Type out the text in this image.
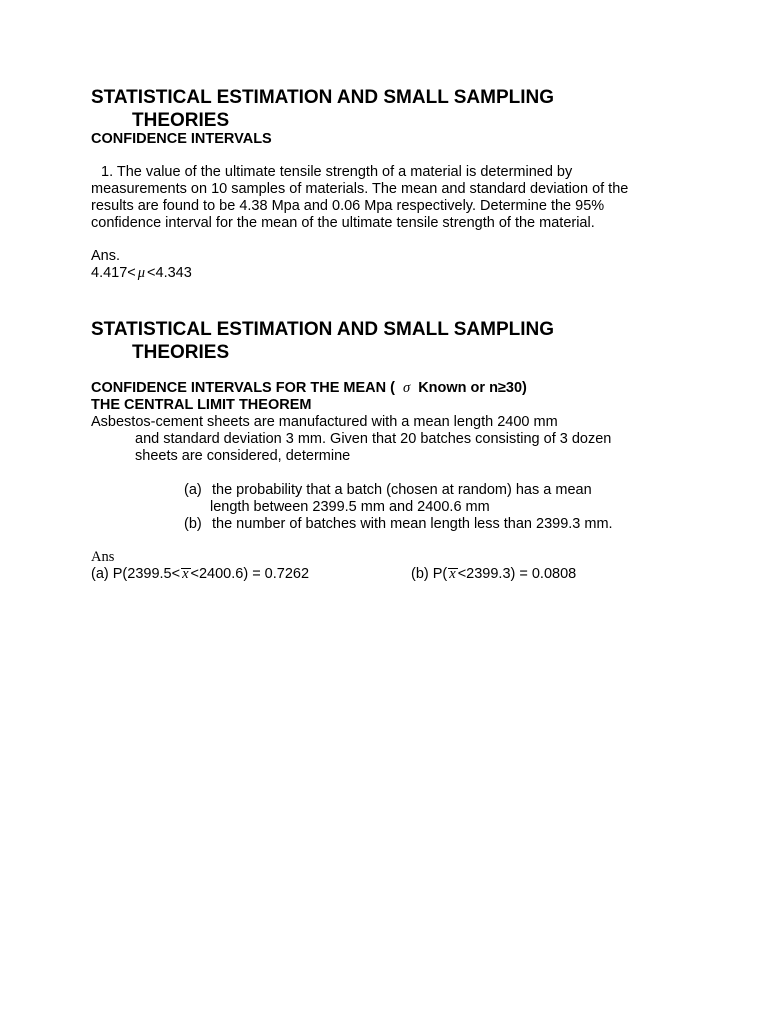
STATISTICAL ESTIMATION AND SMALL SAMPLING
THEORIES
CONFIDENCE INTERVALS
1. The value of the ultimate tensile strength of a material is determined by
measurements on 10 samples of materials. The mean and standard deviation of the
results are found to be 4.38 Mpa and 0.06 Mpa respectively. Determine the 95%
confidence interval for the mean of the ultimate tensile strength of the material.
Ans.
4.417< μ <4.343
STATISTICAL ESTIMATION AND SMALL SAMPLING
THEORIES
CONFIDENCE INTERVALS FOR THE MEAN ( σ Known or n≥30)
THE CENTRAL LIMIT THEOREM
Asbestos-cement sheets are manufactured with a mean length 2400 mm
and standard deviation 3 mm. Given that 20 batches consisting of 3 dozen
sheets are considered, determine
(a) the probability that a batch (chosen at random) has a mean
length between 2399.5 mm and 2400.6 mm
(b) the number of batches with mean length less than 2399.3 mm.
Ans
(a) P(2399.5< x <2400.6) = 0.7262	(b) P( x <2399.3) = 0.0808
